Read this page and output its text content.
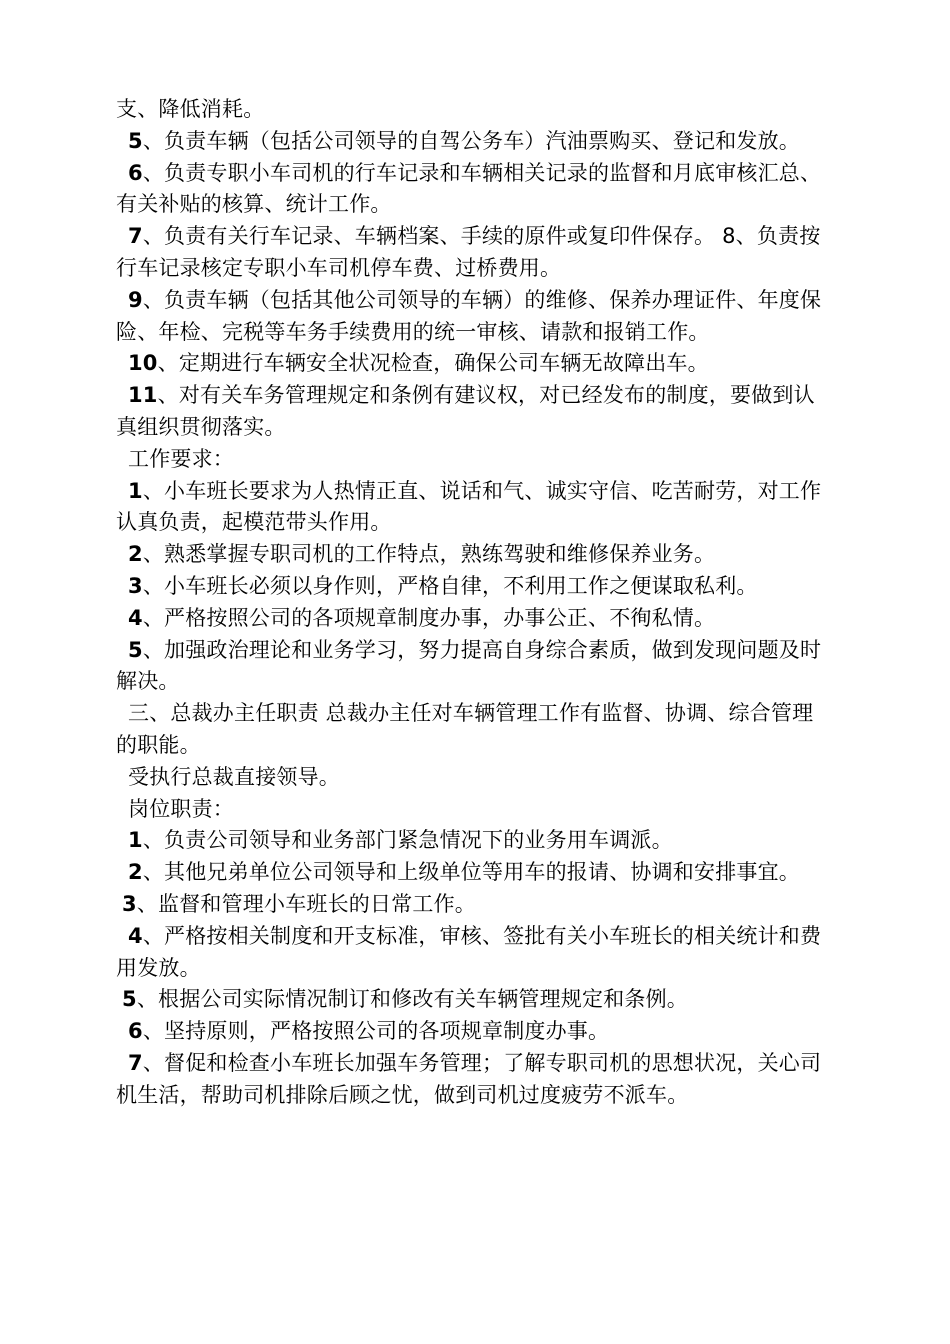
支、降低消耗。

5、负责车辆（包括公司领导的自驾公务车）汽油票购买、登记和发放。

6、负责专职小车司机的行车记录和车辆相关记录的监督和月底审核汇总、有关补贴的核算、统计工作。

7、负责有关行车记录、车辆档案、手续的原件或复印件保存。 8、负责按行车记录核定专职小车司机停车费、过桥费用。

9、负责车辆（包括其他公司领导的车辆）的维修、保养办理证件、年度保险、年检、完税等车务手续费用的统一审核、请款和报销工作。

10、定期进行车辆安全状况检查，确保公司车辆无故障出车。

11、对有关车务管理规定和条例有建议权，对已经发布的制度，要做到认真组织贯彻落实。

工作要求：

1、小车班长要求为人热情正直、说话和气、诚实守信、吃苦耐劳，对工作认真负责，起模范带头作用。

2、熟悉掌握专职司机的工作特点，熟练驾驶和维修保养业务。

3、小车班长必须以身作则，严格自律，不利用工作之便谋取私利。

4、严格按照公司的各项规章制度办事，办事公正、不徇私情。

5、加强政治理论和业务学习，努力提高自身综合素质，做到发现问题及时解决。

三、总裁办主任职责 总裁办主任对车辆管理工作有监督、协调、综合管理的职能。

受执行总裁直接领导。

岗位职责：

1、负责公司领导和业务部门紧急情况下的业务用车调派。

2、其他兄弟单位公司领导和上级单位等用车的报请、协调和安排事宜。

3、监督和管理小车班长的日常工作。

4、严格按相关制度和开支标准，审核、签批有关小车班长的相关统计和费用发放。

5、根据公司实际情况制订和修改有关车辆管理规定和条例。

6、坚持原则，严格按照公司的各项规章制度办事。

7、督促和检查小车班长加强车务管理；了解专职司机的思想状况，关心司机生活，帮助司机排除后顾之忧，做到司机过度疲劳不派车。
